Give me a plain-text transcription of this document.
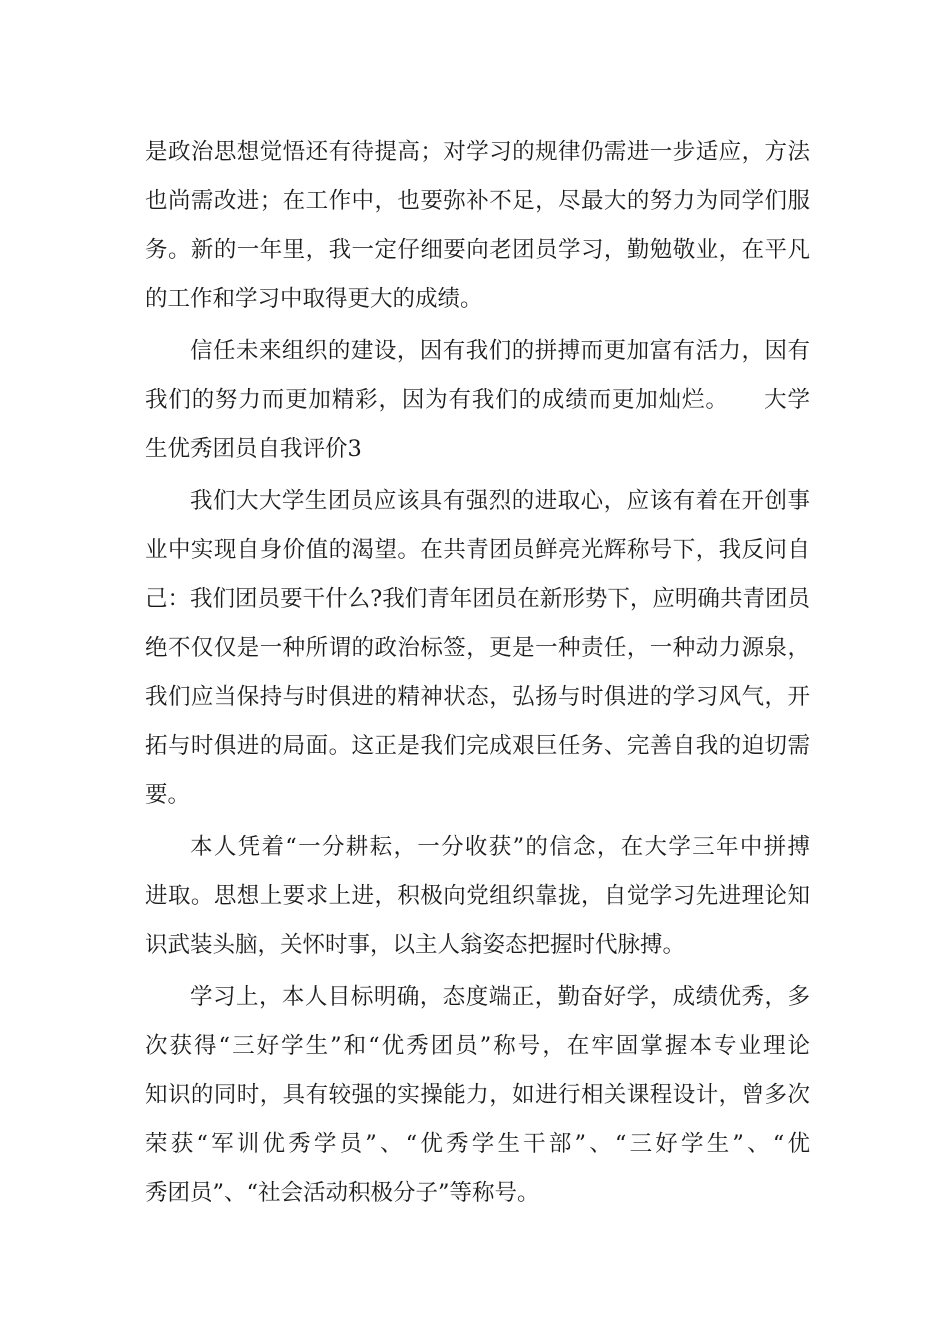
是政治思想觉悟还有待提高；对学习的规律仍需进一步适应，方法

也尚需改进；在工作中，也要弥补不足，尽最大的努力为同学们服

务。新的一年里，我一定仔细要向老团员学习，勤勉敬业，在平凡

的工作和学习中取得更大的成绩。

信任未来组织的建设，因有我们的拼搏而更加富有活力，因有

我们的努力而更加精彩，因为有我们的成绩而更加灿烂。　　大学

生优秀团员自我评价3

我们大大学生团员应该具有强烈的进取心，应该有着在开创事

业中实现自身价值的渴望。在共青团员鲜亮光辉称号下，我反问自

己：我们团员要干什么?我们青年团员在新形势下，应明确共青团员

绝不仅仅是一种所谓的政治标签，更是一种责任，一种动力源泉，

我们应当保持与时俱进的精神状态，弘扬与时俱进的学习风气，开

拓与时俱进的局面。这正是我们完成艰巨任务、完善自我的迫切需

要。

本人凭着“一分耕耘，一分收获”的信念，在大学三年中拼搏

进取。思想上要求上进，积极向党组织靠拢，自觉学习先进理论知

识武装头脑，关怀时事，以主人翁姿态把握时代脉搏。

学习上，本人目标明确，态度端正，勤奋好学，成绩优秀，多

次获得“三好学生”和“优秀团员”称号，在牢固掌握本专业理论

知识的同时，具有较强的实操能力，如进行相关课程设计，曾多次

荣获“军训优秀学员”、“优秀学生干部”、“三好学生”、“优

秀团员”、“社会活动积极分子”等称号。
